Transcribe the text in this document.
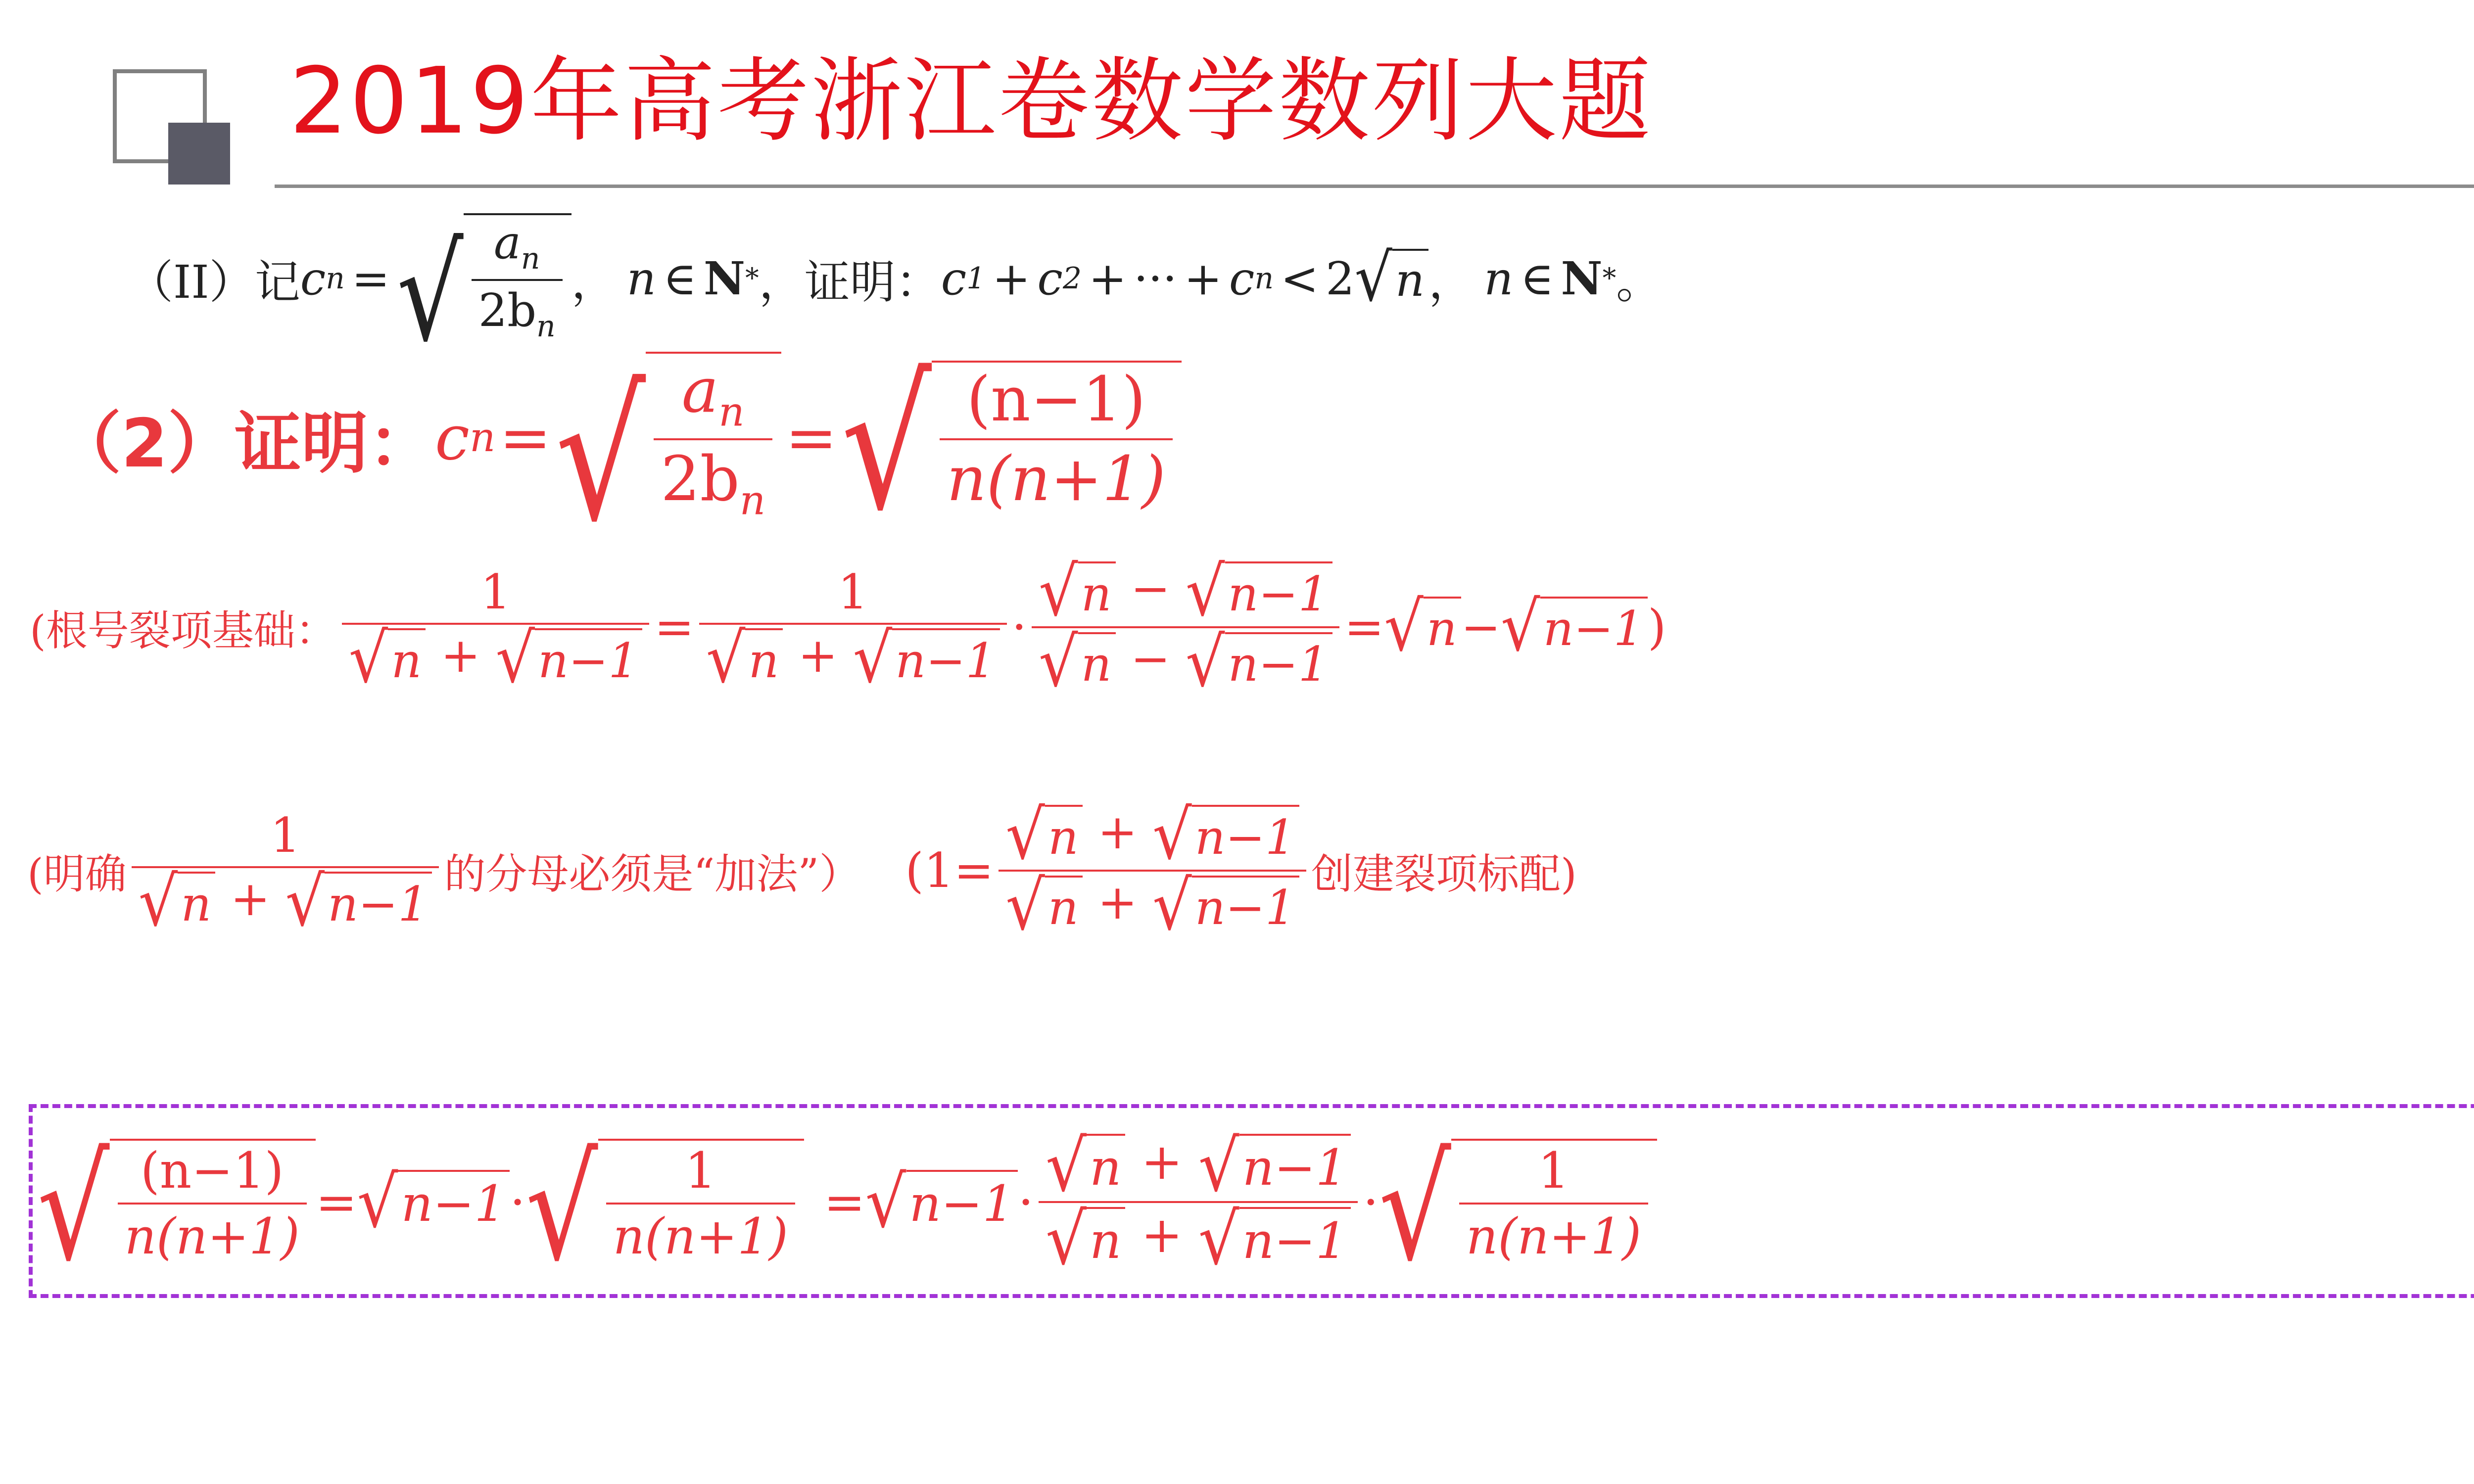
2019年高考浙江卷数学数列大题
（II） 记 c n = √ $\frac{a_n}{2b_n}$ ， n ∈ N * ， 证明： c 1 + c 2 + ··· + c n < 2 √ n ， n ∈ N * 。
（2）证明： c n = √ $\frac{a_n}{2b_n}$ = √ $\frac{(n-1)}{n(n+1)}$
(根号裂项基础： $\frac{1}{√ n + √ n-1} = \frac{1}{√ n + √ n-1} \cdot \frac{√ n - √ n-1}{√ n - √ n-1}$ = √ n − √ n−1 )
(明确 $\frac{1}{√ n + √ n-1}$ 的分母必须是“加法”） ($1= \frac{√ n + √ n-1}{√ n + √ n-1}$ 创建裂项标配)
√ $\frac{(n-1)}{n(n+1)}$ = √ n−1 · √ $\frac{1}{n(n+1)}$ = √ $n-1 \cdot \frac{√ n + √ n-1}{√ n + √ n-1}$ · √ $\frac{1}{n(n+1)}$
